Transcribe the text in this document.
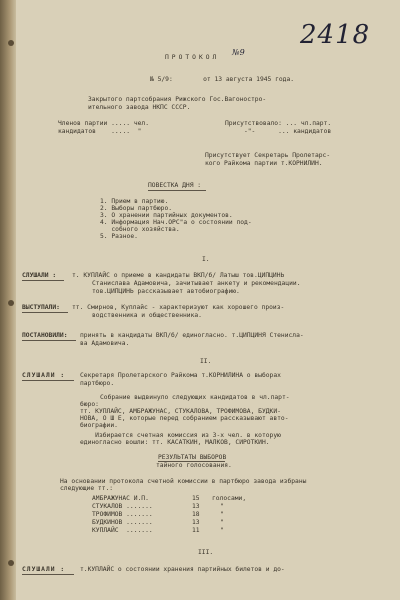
2418
№9
ПРОТОКОЛ
№ 5/9:        от 13 августа 1945 года.
Закрытого партсобрания Рижского Гос.Вагоностро-
ительного завода НКПС СССР.
Членов партии ..... чел.
кандидатов    .....  "
Присутствовало: ... чл.парт.
-"-      ... кандидатов
Присутствует Секретарь Пролетарс-
кого Райкома партии т.КОРНИЛИН.
ПОВЕСТКА ДНЯ :
1. Прием в партию.
2. Выборы партбюро.
3. О хранении партийных документов.
4. Информация Нач.ОРС"а о состоянии под-
собного хозяйства.
5. Разное.
I.
СЛУШАЛИ :	т. КУПЛАЙС о приеме в кандидаты ВКП/б/ Латыш тов.ЦИПЦИНЬ
Станислава Адамовича, зачитывает анкету и рекомендации.
тов.ЦИПЦИНЬ рассказывает автобиографию.
ВЫСТУПАЛИ: тт. Смирнов, Куплайс - характеризуют как хорошего произ-
водственника и общественника.
ПОСТАНОВИЛИ: принять в кандидаты ВКП/б/ единогласно. т.ЦИПЦИНЯ Стенисла-
ва Адамовича.
II.
СЛУШАЛИ : Секретаря Пролетарского Райкома т.КОРНИЛИНА о выборах
партбюро.
Собрание выдвинуло следующих кандидатов в чл.парт-
бюро:
тт. КУПЛАЙС, АМБРАЖУНАС, СТУКАЛОВА, ТРОФИМОВА, БУДКИ-
НОВА, О Ш Е, которые перед собранием рассказывают авто-
биографии.
Избирается счетная комиссия из 3-х чел. в которую
единогласно вошли: тт. КАСАТКИН, МАЛКОВ, СИРОТКИН.
РЕЗУЛЬТАТЫ ВЫБОРОВ
тайного голосования.
На основании протокола счетной комиссии в партбюро завода избраны
следующие тт.:
АМБРАЖУНАС И.П.	15 голосами,
СТУКАЛОВ .......	13	"
ТРОФИМОВ .......	18	"
БУДКИНОВ .......	13	"
КУПЛАЙС  .......	11	"
III.
СЛУШАЛИ : т.КУПЛАЙС о состоянии хранения партийных билетов и до-
